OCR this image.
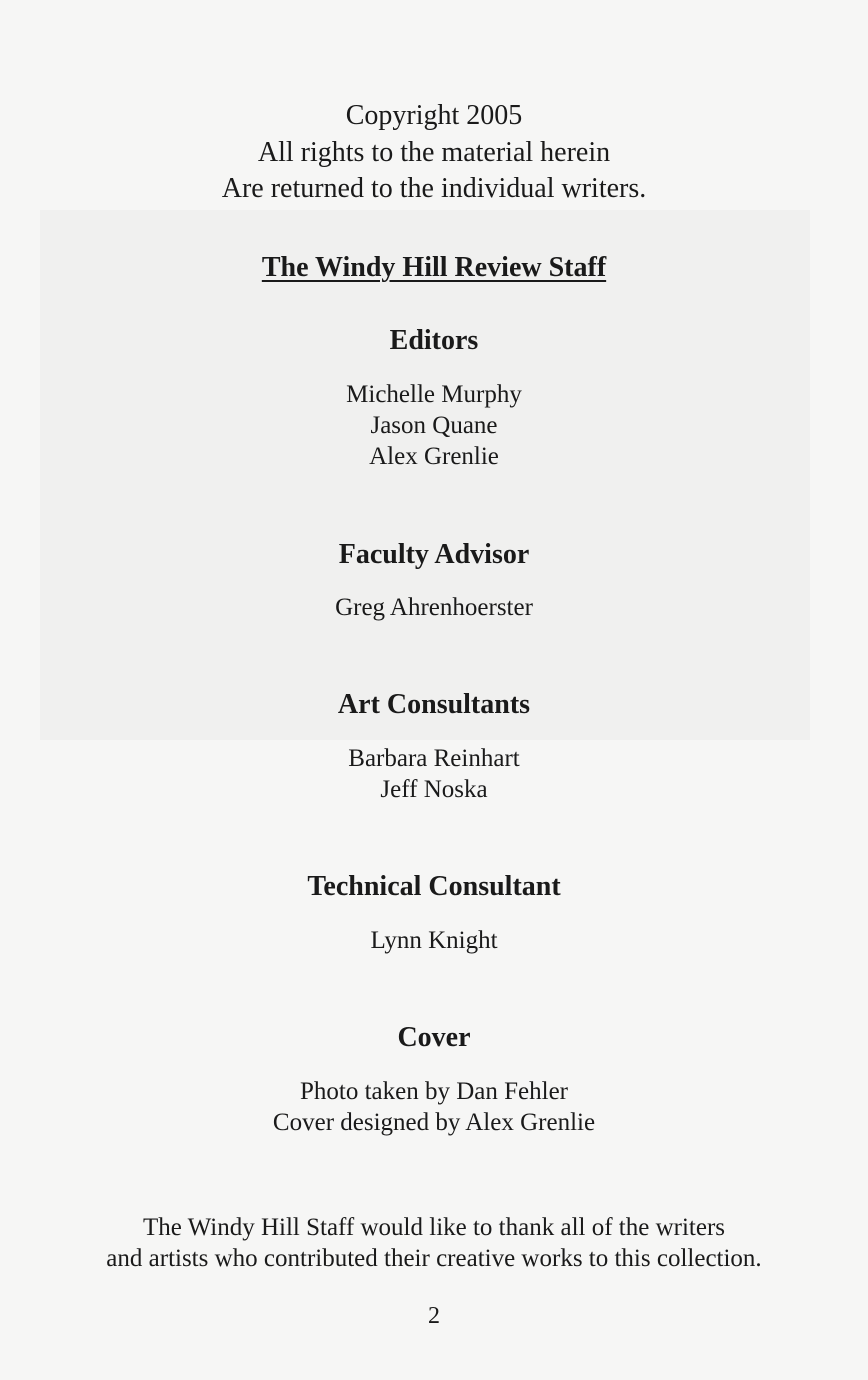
Copyright 2005
All rights to the material herein
Are returned to the individual writers.
The Windy Hill Review Staff
Editors
Michelle Murphy
Jason Quane
Alex Grenlie
Faculty Advisor
Greg Ahrenhoerster
Art Consultants
Barbara Reinhart
Jeff Noska
Technical Consultant
Lynn Knight
Cover
Photo taken by Dan Fehler
Cover designed by Alex Grenlie
The Windy Hill Staff would like to thank all of the writers
and artists who contributed their creative works to this collection.
2
